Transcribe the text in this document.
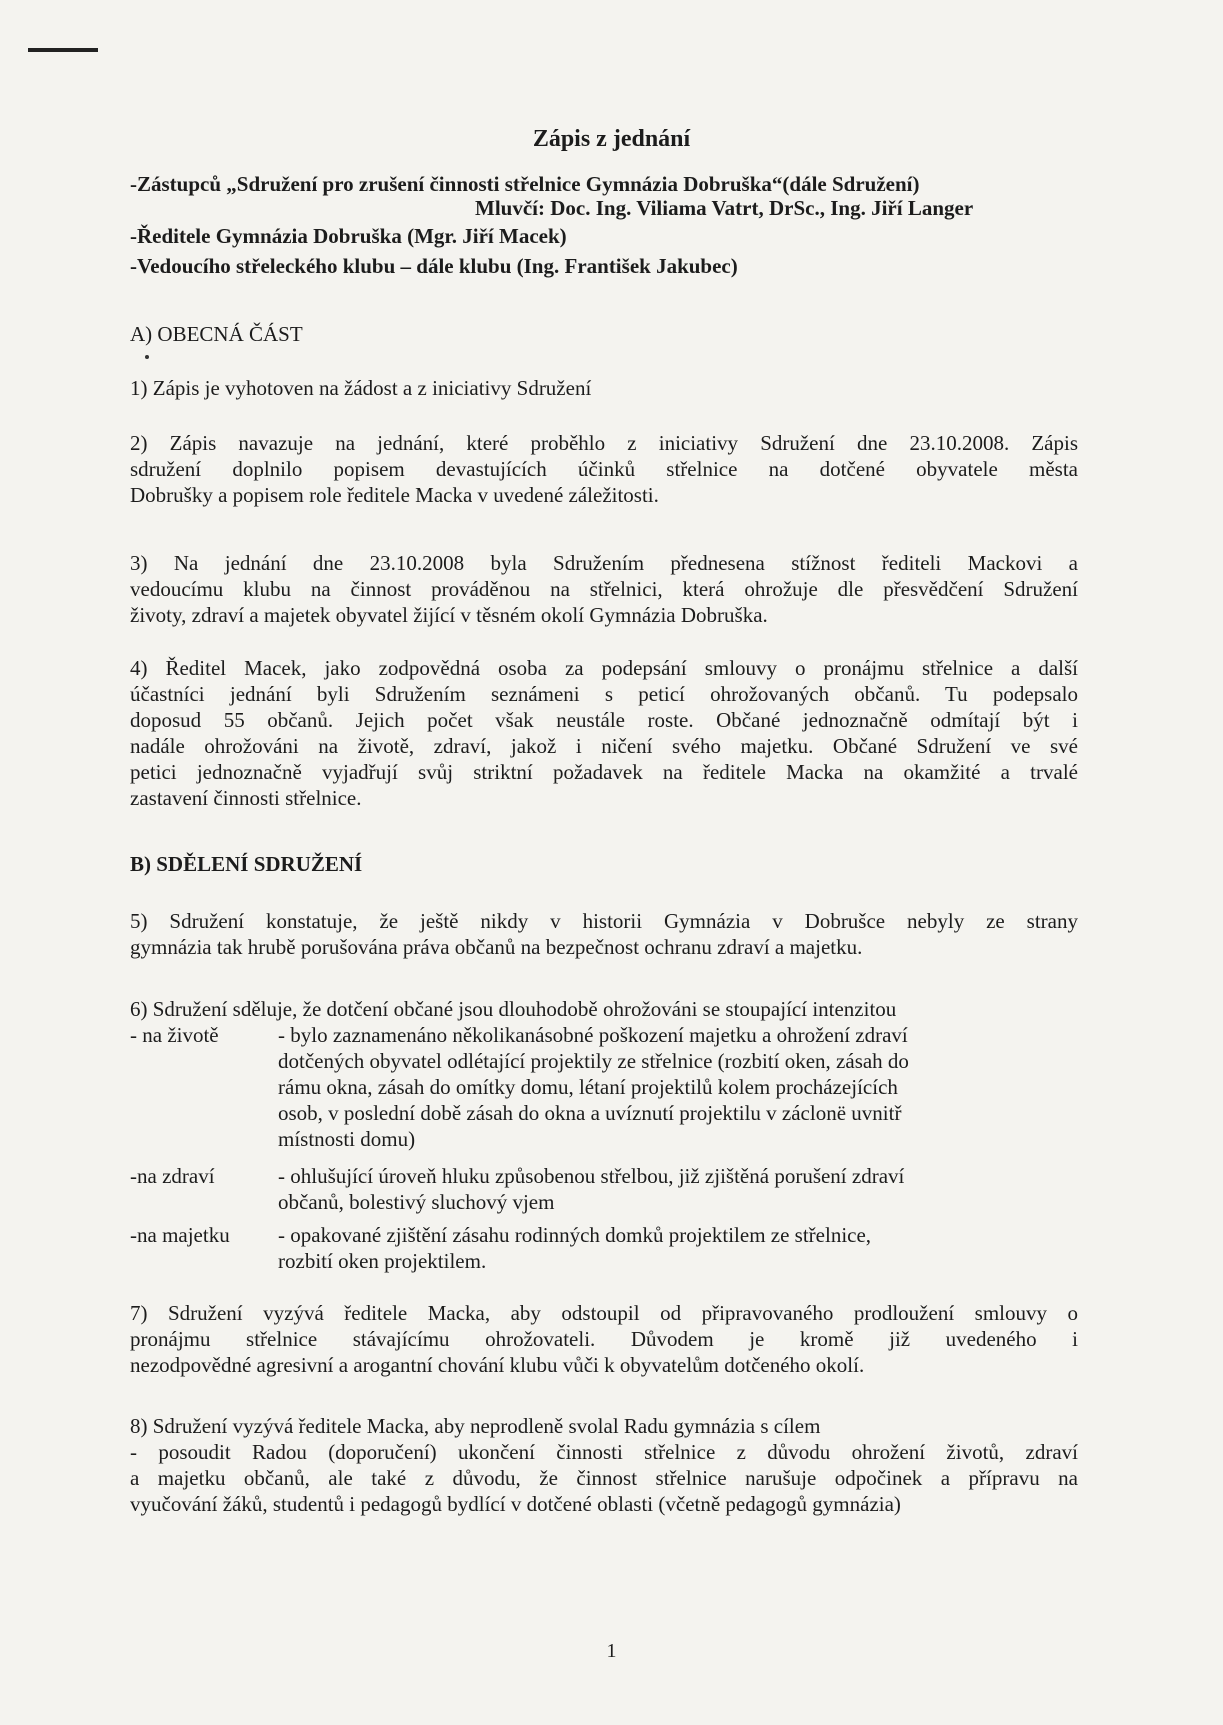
Zápis z jednání
-Zástupců „Sdružení pro zrušení činnosti střelnice Gymnázia Dobruška“(dále Sdružení)
Mluvčí: Doc. Ing. Viliama Vatrt, DrSc., Ing. Jiří Langer
-Ředitele Gymnázia Dobruška (Mgr. Jiří Macek)
-Vedoucího střeleckého klubu – dále klubu (Ing. František Jakubec)
A) OBECNÁ ČÁST
1) Zápis je vyhotoven na žádost a z iniciativy Sdružení
2) Zápis navazuje na jednání, které proběhlo z iniciativy Sdružení dne 23.10.2008. Zápis
sdružení doplnilo popisem devastujících účinků střelnice na dotčené obyvatele města
Dobrušky a popisem role ředitele Macka v uvedené záležitosti.
3) Na jednání dne 23.10.2008 byla Sdružením přednesena stížnost řediteli Mackovi a
vedoucímu klubu na činnost prováděnou na střelnici, která ohrožuje dle přesvědčení Sdružení
životy, zdraví a majetek obyvatel žijící v těsném okolí Gymnázia Dobruška.
4) Ředitel Macek, jako zodpovědná osoba za podepsání smlouvy o pronájmu střelnice a další
účastníci jednání byli Sdružením seznámeni s peticí ohrožovaných občanů. Tu podepsalo
doposud 55 občanů. Jejich počet však neustále roste. Občané jednoznačně odmítají být i
nadále ohrožováni na životě, zdraví, jakož i ničení svého majetku. Občané Sdružení ve své
petici jednoznačně vyjadřují svůj striktní požadavek na ředitele Macka na okamžité a trvalé
zastavení činnosti střelnice.
B) SDĚLENÍ SDRUŽENÍ
5) Sdružení konstatuje, že ještě nikdy v historii Gymnázia v Dobrušce nebyly ze strany
gymnázia tak hrubě porušována práva občanů na bezpečnost ochranu zdraví a majetku.
6) Sdružení sděluje, že dotčení občané jsou dlouhodobě ohrožováni se stoupající intenzitou
- na životě	- bylo zaznamenáno několikanásobné poškození majetku a ohrožení zdraví
dotčených obyvatel odlétající projektily ze střelnice (rozbití oken, zásah do
rámu okna, zásah do omítky domu, létaní projektilů kolem procházejících
osob, v poslední době zásah do okna a uvíznutí projektilu v záclonë uvnitř
místnosti domu)
-na zdraví	- ohlušující úroveň hluku způsobenou střelbou, již zjištěná porušení zdraví
občanů, bolestivý sluchový vjem
-na majetku	- opakované zjištění zásahu rodinných domků projektilem ze střelnice,
rozbití oken projektilem.
7) Sdružení vyzývá ředitele Macka, aby odstoupil od připravovaného prodloužení smlouvy o
pronájmu střelnice stávajícímu ohrožovateli. Důvodem je kromě již uvedeného i
nezodpovědné agresivní a arogantní chování klubu vůči k obyvatelům dotčeného okolí.
8) Sdružení vyzývá ředitele Macka, aby neprodleně svolal Radu gymnázia s cílem
- posoudit Radou (doporučení) ukončení činnosti střelnice z důvodu ohrožení životů, zdraví
a majetku občanů, ale také z důvodu, že činnost střelnice narušuje odpočinek a přípravu na
vyučování žáků, studentů i pedagogů bydlící v dotčené oblasti (včetně pedagogů gymnázia)
1
